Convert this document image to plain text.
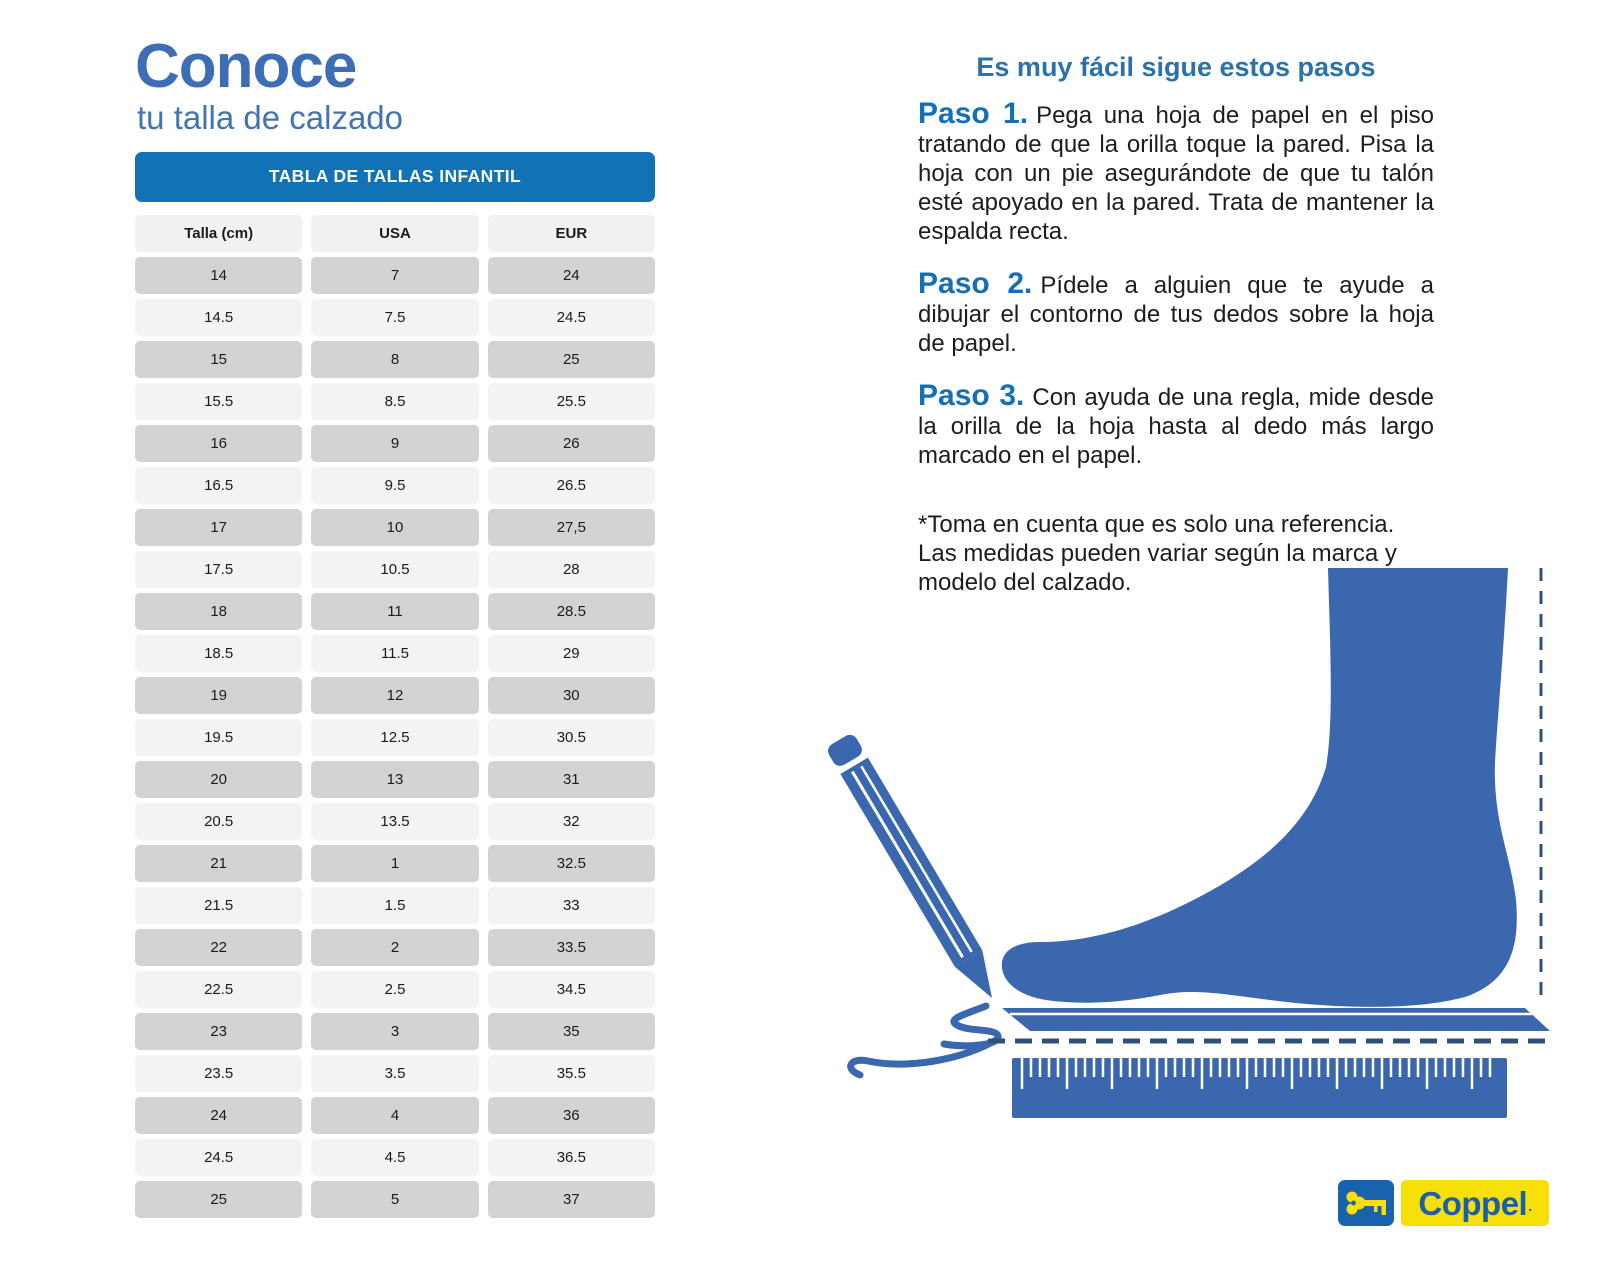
Conoce
tu talla de calzado
TABLA DE TALLAS INFANTIL
Talla (cm)	USA	EUR
14	7	24
14.5	7.5	24.5
15	8	25
15.5	8.5	25.5
16	9	26
16.5	9.5	26.5
17	10	27,5
17.5	10.5	28
18	11	28.5
18.5	11.5	29
19	12	30
19.5	12.5	30.5
20	13	31
20.5	13.5	32
21	1	32.5
21.5	1.5	33
22	2	33.5
22.5	2.5	34.5
23	3	35
23.5	3.5	35.5
24	4	36
24.5	4.5	36.5
25	5	37
Es muy fácil sigue estos pasos

Paso 1. Pega una hoja de papel en el piso tratando de que la orilla toque la pared. Pisa la hoja con un pie asegurándote de que tu talón esté apoyado en la pared. Trata de mantener la espalda recta.

Paso 2. Pídele a alguien que te ayude a dibujar el contorno de tus dedos sobre la hoja de papel.

Paso 3. Con ayuda de una regla, mide desde la orilla de la hoja hasta al dedo más largo marcado en el papel.

*Toma en cuenta que es solo una referencia. Las medidas pueden variar según la marca y modelo del calzado.

Coppel .
